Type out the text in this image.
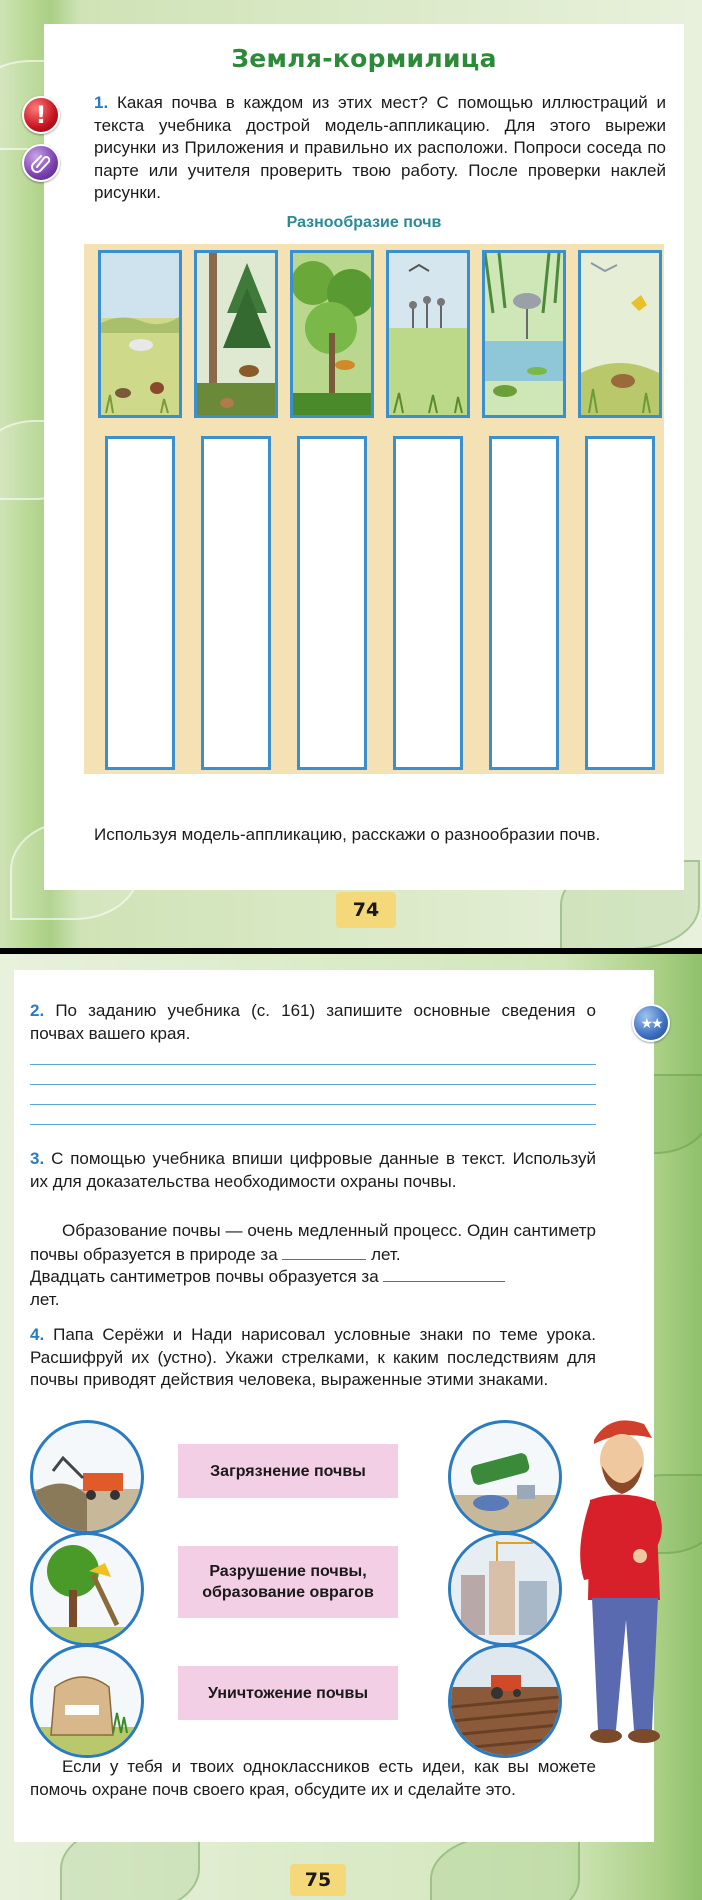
Земля-кормилица
!	1. Какая почва в каждом из этих мест? С помощью иллюстраций и текста учебника дострой модель-аппликацию. Для этого вырежи рисунки из Приложения и правильно их расположи. Попроси соседа по парте или учителя проверить твою работу. После проверки наклей рисунки.
Разнообразие почв
Используя модель-аппликацию, расскажи о разнообразии почв.
74
★★
2. По заданию учебника (с. 161) запишите основные сведения о почвах вашего края.
3. С помощью учебника впиши цифровые данные в текст. Используй их для доказательства необходимости охраны почвы.
Образование почвы — очень медленный процесс. Один сантиметр почвы образуется в природе за	лет.
Двадцать сантиметров почвы образуется за
лет.
4. Папа Серёжи и Нади нарисовал условные знаки по теме урока. Расшифруй их (устно). Укажи стрелками, к каким последствиям для почвы приводят действия человека, выраженные этими знаками.
Загрязнение почвы
Разрушение почвы, образование оврагов
Уничтожение почвы
Если у тебя и твоих одноклассников есть идеи, как вы можете помочь охране почв своего края, обсудите их и сделайте это.
75
